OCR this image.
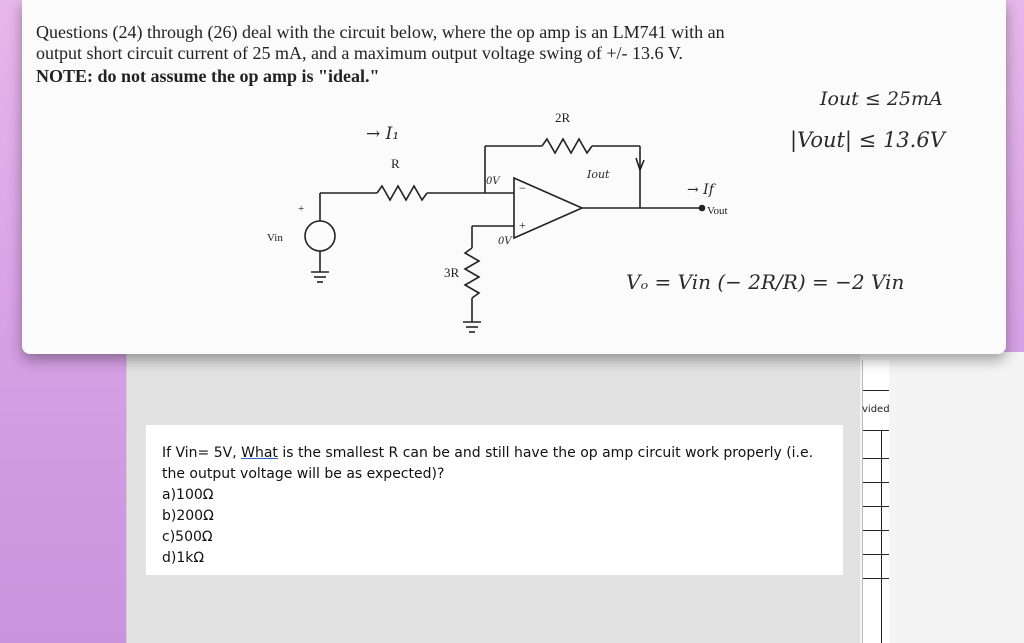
vided
Questions (24) through (26) deal with the circuit below, where the op amp is an LM741 with an
output short circuit current of 25 mA, and a maximum output voltage swing of +/- 13.6 V.
NOTE: do not assume the op amp is "ideal."
R
2R
3R
Vin
Vout
+
−
+
→ I₁
Iout
→ If
0V
0V
Iout ≤ 25mA
|Vout| ≤ 13.6V
Vₒ = Vin (− 2R/R) = −2 Vin
If Vin= 5V, What is the smallest R can be and still have the op amp circuit work properly (i.e. the output voltage will be as expected)?
a)100Ω
b)200Ω
c)500Ω
d)1kΩ
